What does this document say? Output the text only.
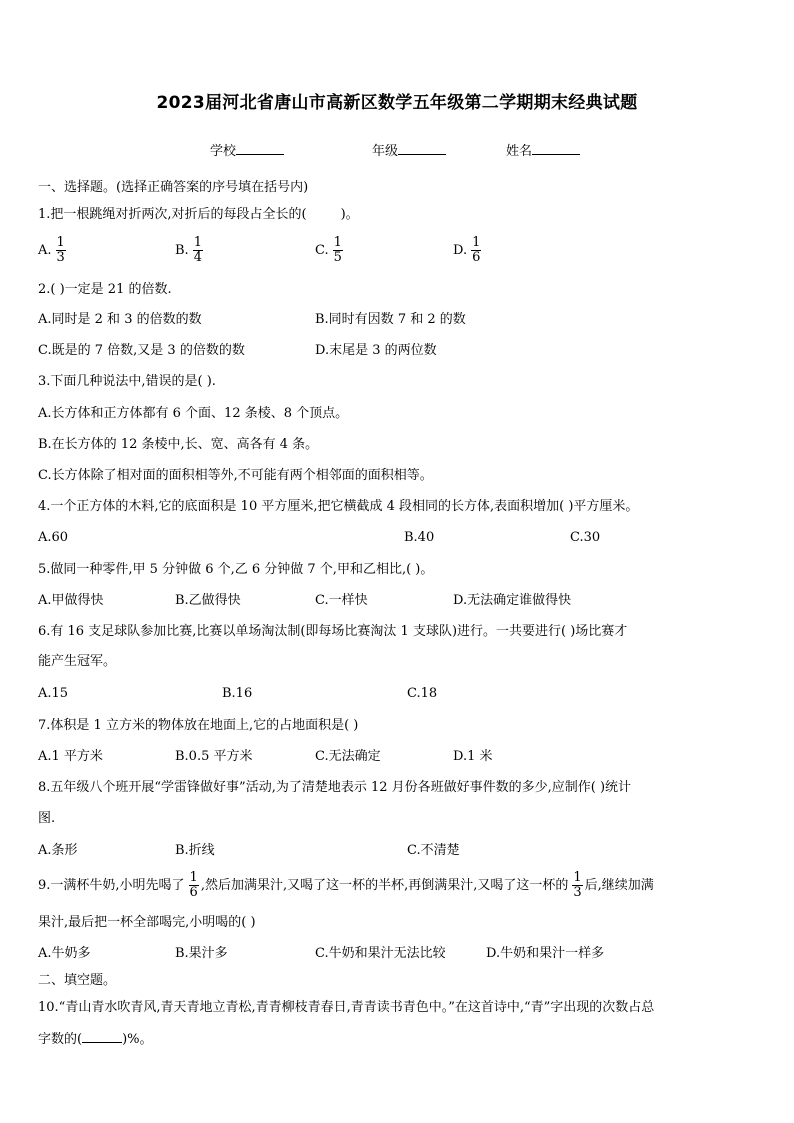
2023届河北省唐山市高新区数学五年级第二学期期末经典试题
学校	年级	姓名
一、选择题。(选择正确答案的序号填在括号内)
1.把一根跳绳对折两次,对折后的每段占全长的(	)。
A. $\frac{1}{3}$	B. $\frac{1}{4}$	C. $\frac{1}{5}$	D. $\frac{1}{6}$
2.( )一定是 21 的倍数.
A.同时是 2 和 3 的倍数的数	B.同时有因数 7 和 2 的数
C.既是的 7 倍数,又是 3 的倍数的数	D.末尾是 3 的两位数
3.下面几种说法中,错误的是( ).
A.长方体和正方体都有 6 个面、12 条棱、8 个顶点。
B.在长方体的 12 条棱中,长、宽、高各有 4 条。
C.长方体除了相对面的面积相等外,不可能有两个相邻面的面积相等。
4.一个正方体的木料,它的底面积是 10 平方厘米,把它横截成 4 段相同的长方体,表面积增加( )平方厘米。
A.60	B.40	C.30
5.做同一种零件,甲 5 分钟做 6 个,乙 6 分钟做 7 个,甲和乙相比,( )。
A.甲做得快	B.乙做得快	C.一样快	D.无法确定谁做得快
6.有 16 支足球队参加比赛,比赛以单场淘汰制(即每场比赛淘汰 1 支球队)进行。一共要进行( )场比赛才
能产生冠军。
A.15	B.16	C.18
7.体积是 1 立方米的物体放在地面上,它的占地面积是( )
A.1 平方米	B.0.5 平方米	C.无法确定	D.1 米
8.五年级八个班开展“学雷锋做好事”活动,为了清楚地表示 12 月份各班做好事件数的多少,应制作( )统计
图.
A.条形	B.折线	C.不清楚
9.一满杯牛奶,小明先喝了 $\frac{1}{6}$ ,然后加满果汁,又喝了这一杯的半杯,再倒满果汁,又喝了这一杯的 $\frac{1}{3}$ 后,继续加满
果汁,最后把一杯全部喝完,小明喝的( )
A.牛奶多	B.果汁多	C.牛奶和果汁无法比较	D.牛奶和果汁一样多
二、填空题。
10.“青山青水吹青风,青天青地立青松,青青柳枝青春日,青青读书青色中。”在这首诗中,“青”字出现的次数占总
字数的(	)%。
